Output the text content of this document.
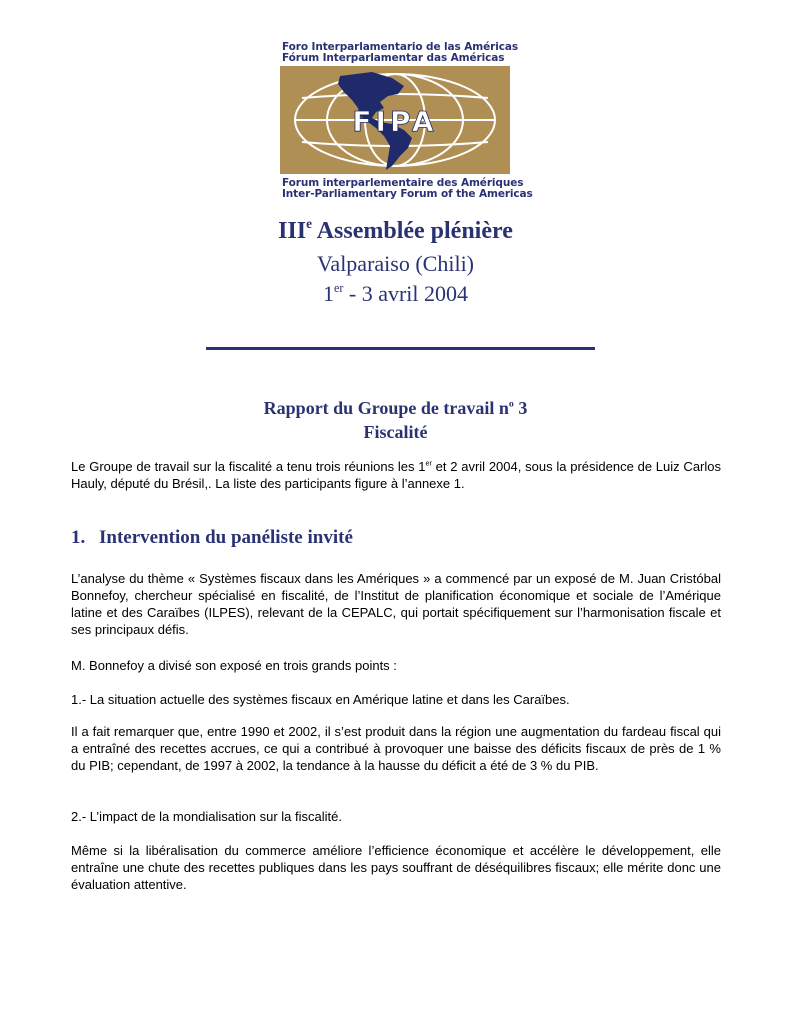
Foro Interparlamentario de las Américas
Fórum Interparlamentar das Américas
FIPA
Forum interparlementaire des Amériques
Inter-Parliamentary Forum of the Americas
IIIe Assemblée plénière
Valparaiso (Chili)
1er - 3 avril 2004
Rapport du Groupe de travail $n^o$ 3
Fiscalité
Le Groupe de travail sur la fiscalité a tenu trois réunions les 1er et 2 avril 2004, sous la présidence de Luiz Carlos Hauly, député du Brésil,. La liste des participants figure à l’annexe 1.
1. Intervention du panéliste invité
L’analyse du thème « Systèmes fiscaux dans les Amériques » a commencé par un exposé de M. Juan Cristóbal Bonnefoy, chercheur spécialisé en fiscalité, de l’Institut de planification économique et sociale de l’Amérique latine et des Caraïbes (ILPES), relevant de la CEPALC, qui portait spécifiquement sur l’harmonisation fiscale et ses principaux défis.
M. Bonnefoy a divisé son exposé en trois grands points :
1.- La situation actuelle des systèmes fiscaux en Amérique latine et dans les Caraïbes.
Il a fait remarquer que, entre 1990 et 2002, il s’est produit dans la région une augmentation du fardeau fiscal qui a entraîné des recettes accrues, ce qui a contribué à provoquer une baisse des déficits fiscaux de près de 1 % du PIB; cependant, de 1997 à 2002, la tendance à la hausse du déficit a été de 3 % du PIB.
2.- L’impact de la mondialisation sur la fiscalité.
Même si la libéralisation du commerce améliore l’efficience économique et accélère le développement, elle entraîne une chute des recettes publiques dans les pays souffrant de déséquilibres fiscaux; elle mérite donc une évaluation attentive.
